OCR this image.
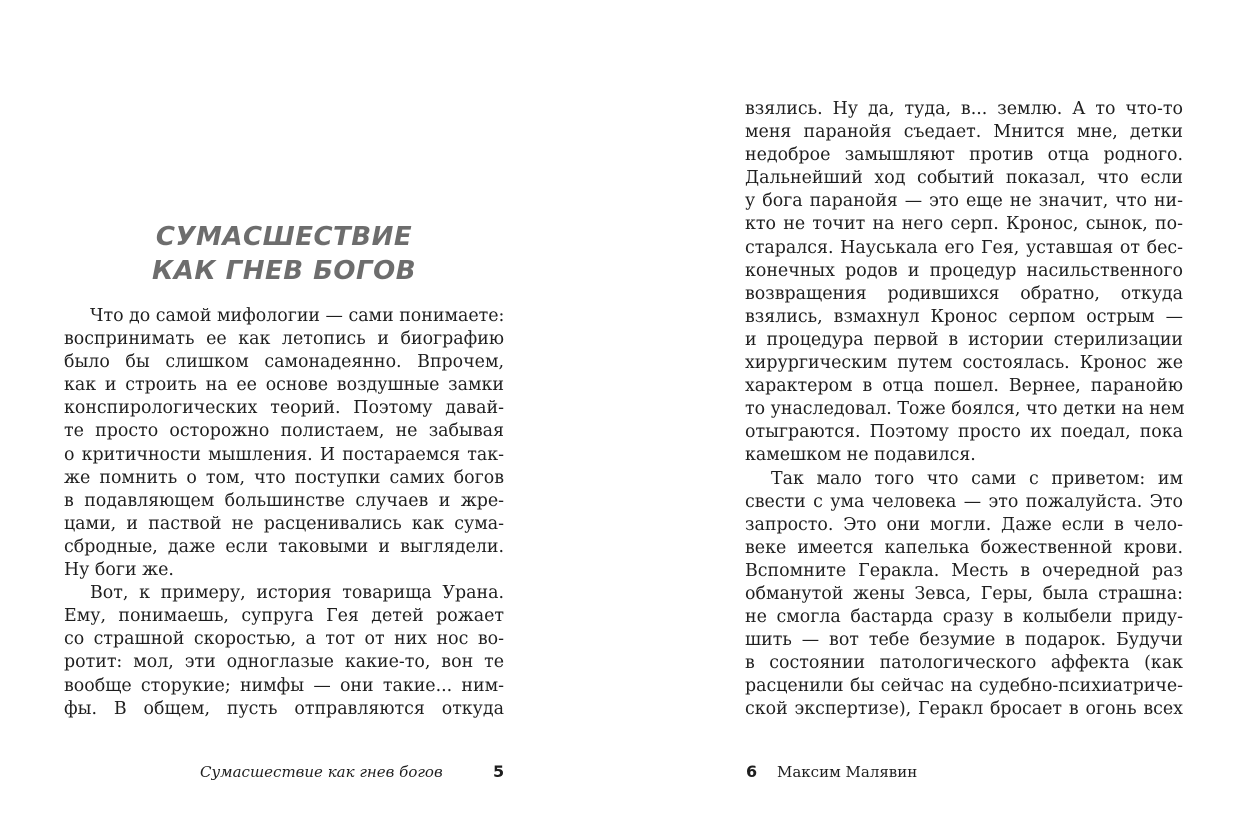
СУМАСШЕСТВИЕ
КАК ГНЕВ БОГОВ
Что до самой мифологии — сами понимаете:
воспринимать ее как летопись и биографию
было бы слишком самонадеянно. Впрочем,
как и строить на ее основе воздушные замки
конспирологических теорий. Поэтому давай-
те просто осторожно полистаем, не забывая
о критичности мышления. И постараемся так-
же помнить о том, что поступки самих богов
в подавляющем большинстве случаев и жре-
цами, и паствой не расценивались как сума-
сбродные, даже если таковыми и выглядели.
Ну боги же.
Вот, к примеру, история товарища Урана.
Ему, понимаешь, супруга Гея детей рожает
со страшной скоростью, а тот от них нос во-
ротит: мол, эти одноглазые какие-то, вон те
вообще сторукие; нимфы — они такие... ним-
фы. В общем, пусть отправляются откуда
Сумасшествие как гнев богов	5
взялись. Ну да, туда, в... землю. А то что-то
меня паранойя съедает. Мнится мне, детки
недоброе замышляют против отца родного.
Дальнейший ход событий показал, что если
у бога паранойя — это еще не значит, что ни-
кто не точит на него серп. Кронос, сынок, по-
старался. Науськала его Гея, уставшая от бес-
конечных родов и процедур насильственного
возвращения родившихся обратно, откуда
взялись, взмахнул Кронос серпом острым —
и процедура первой в истории стерилизации
хирургическим путем состоялась. Кронос же
характером в отца пошел. Вернее, паранойю
то унаследовал. Тоже боялся, что детки на нем
отыграются. Поэтому просто их поедал, пока
камешком не подавился.
Так мало того что сами с приветом: им
свести с ума человека — это пожалуйста. Это
запросто. Это они могли. Даже если в чело-
веке имеется капелька божественной крови.
Вспомните Геракла. Месть в очередной раз
обманутой жены Зевса, Геры, была страшна:
не смогла бастарда сразу в колыбели приду-
шить — вот тебе безумие в подарок. Будучи
в состоянии патологического аффекта (как
расценили бы сейчас на судебно-психиатриче-
ской экспертизе), Геракл бросает в огонь всех
6 Максим Малявин
